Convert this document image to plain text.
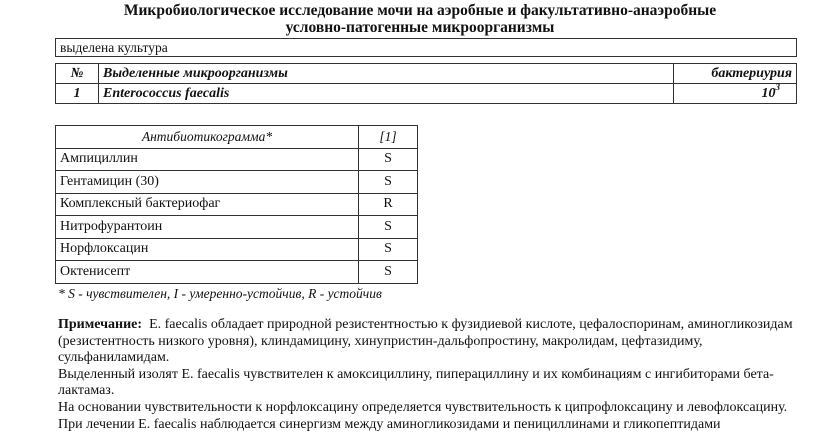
Микробиологическое исследование мочи на аэробные и факультативно-анаэробные
условно-патогенные микроорганизмы
выделена культура
№	Выделенные микроорганизмы	бактериурия
1	Enterococcus faecalis	$10^3$
Антибиотикограмма*	[1]
Ампициллин	S
Гентамицин (30)	S
Комплексный бактериофаг	R
Нитрофурантоин	S
Норфлоксацин	S
Октенисепт	S
* S - чувствителен, I - умеренно-устойчив, R - устойчив

Примечание: E. faecalis обладает природной резистентностью к фузидиевой кислоте, цефалоспоринам, аминогликозидам (резистентность низкого уровня), клиндамицину, хинупристин-дальфопростину, макролидам, цефтазидиму, сульфаниламидам.

Выделенный изолят E. faecalis чувствителен к амоксициллину, пиперациллину и их комбинациям с ингибиторами бета-лактамаз.

На основании чувствительности к норфлоксацину определяется чувствительность к ципрофлоксацину и левофлоксацину.

При лечении E. faecalis наблюдается синергизм между аминогликозидами и пенициллинами и гликопептидами
